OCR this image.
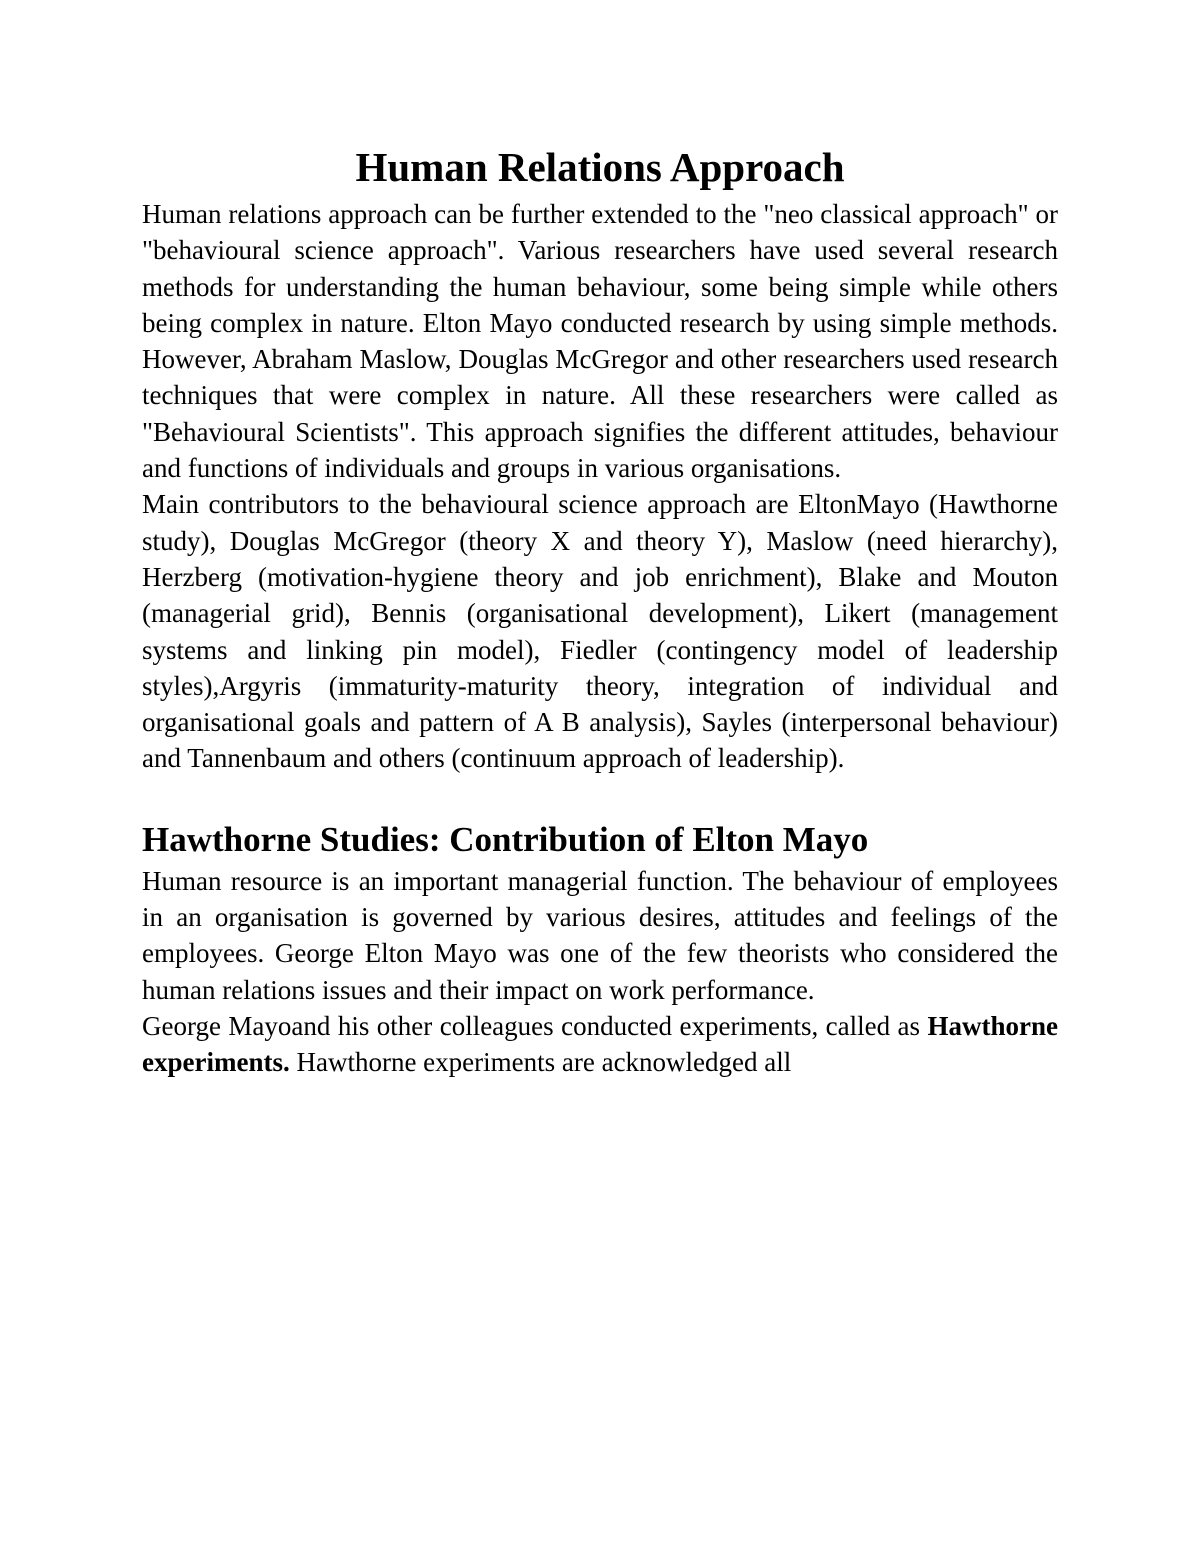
Human Relations Approach

Human relations approach can be further extended to the "neo classical approach" or "behavioural science approach". Various researchers have used several research methods for understanding the human behaviour, some being simple while others being complex in nature. Elton Mayo conducted research by using simple methods. However, Abraham Maslow, Douglas McGregor and other researchers used research techniques that were complex in nature. All these researchers were called as "Behavioural Scientists". This approach signifies the different attitudes, behaviour and functions of individuals and groups in various organisations.

Main contributors to the behavioural science approach are EltonMayo (Hawthorne study), Douglas McGregor (theory X and theory Y), Maslow (need hierarchy), Herzberg (motivation-hygiene theory and job enrichment), Blake and Mouton (managerial grid), Bennis (organisational development), Likert (management systems and linking pin model), Fiedler (contingency model of leadership styles),Argyris (immaturity-maturity theory, integration of individual and organisational goals and pattern of A B analysis), Sayles (interpersonal behaviour) and Tannenbaum and others (continuum approach of leadership).

Hawthorne Studies: Contribution of Elton Mayo

Human resource is an important managerial function. The behaviour of employees in an organisation is governed by various desires, attitudes and feelings of the employees. George Elton Mayo was one of the few theorists who considered the human relations issues and their impact on work performance.

George Mayoand his other colleagues conducted experiments, called as Hawthorne experiments. Hawthorne experiments are acknowledged all
